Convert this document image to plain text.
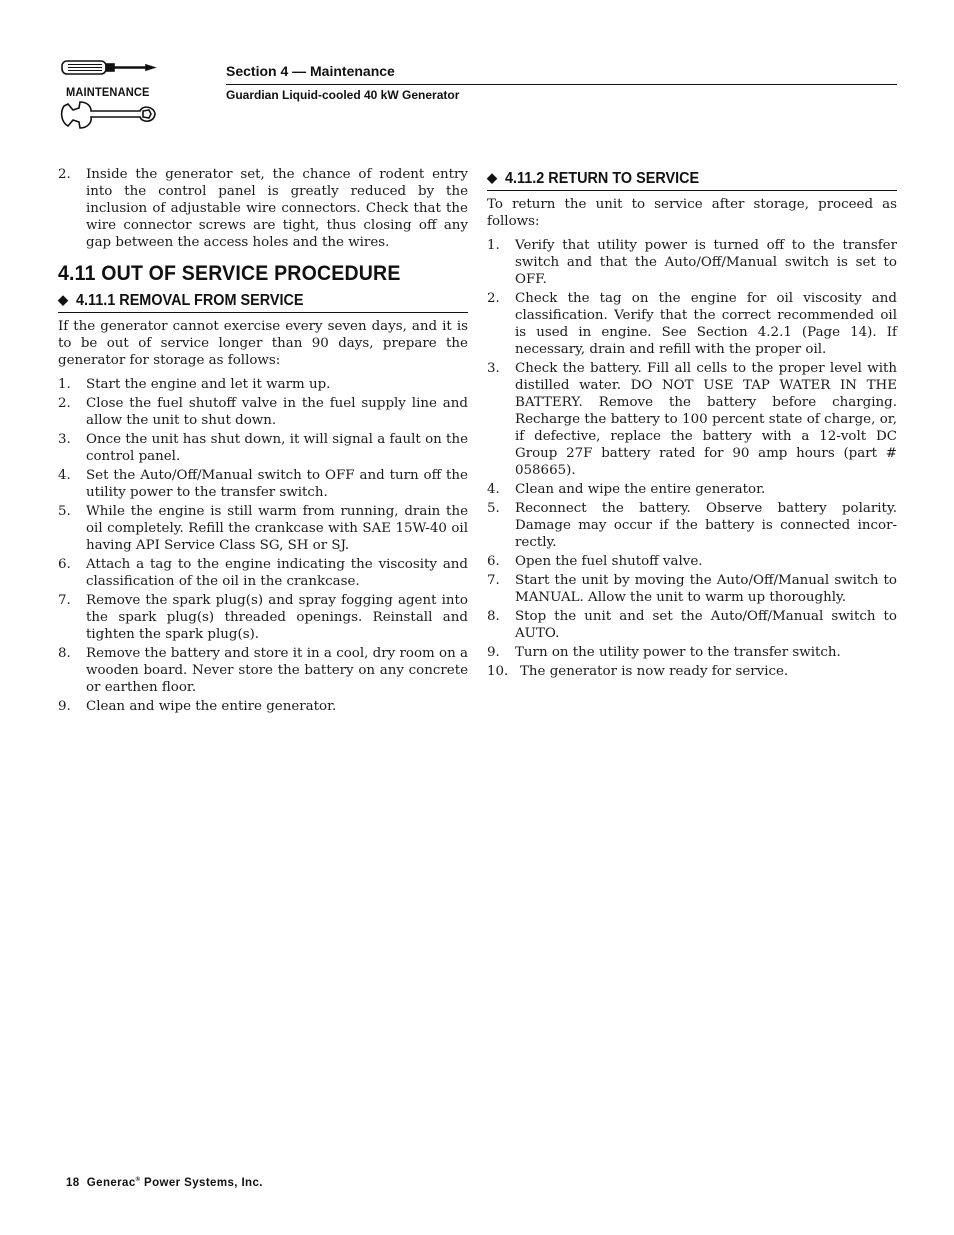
MAINTENANCE
Section 4 — Maintenance
Guardian Liquid-cooled 40 kW Generator
2. Inside the generator set, the chance of rodent entry into the control panel is greatly reduced by the inclusion of adjustable wire connectors. Check that the wire connector screws are tight, thus closing off any gap between the access holes and the wires.
4.11 OUT OF SERVICE PROCEDURE
◆ 4.11.1 REMOVAL FROM SERVICE

If the generator cannot exercise every seven days, and it is to be out of service longer than 90 days, prepare the generator for storage as follows:

1. Start the engine and let it warm up.
2. Close the fuel shutoff valve in the fuel supply line and allow the unit to shut down.
3. Once the unit has shut down, it will signal a fault on the control panel.
4. Set the Auto/Off/Manual switch to OFF and turn off the utility power to the transfer switch.
5. While the engine is still warm from running, drain the oil completely. Refill the crankcase with SAE 15W-40 oil having API Service Class SG, SH or SJ.
6. Attach a tag to the engine indicating the viscosity and classification of the oil in the crankcase.
7. Remove the spark plug(s) and spray fogging agent into the spark plug(s) threaded openings. Reinstall and tighten the spark plug(s).
8. Remove the battery and store it in a cool, dry room on a wooden board. Never store the battery on any concrete or earthen floor.
9. Clean and wipe the entire generator.
◆ 4.11.2 RETURN TO SERVICE

To return the unit to service after storage, proceed as follows:

1. Verify that utility power is turned off to the transfer switch and that the Auto/Off/Manual switch is set to OFF.
2. Check the tag on the engine for oil viscosity and classification. Verify that the correct recommended oil is used in engine. See Section 4.2.1 (Page 14). If necessary, drain and refill with the proper oil.
3. Check the battery. Fill all cells to the proper level with distilled water. DO NOT USE TAP WATER IN THE BATTERY. Remove the battery before charging. Recharge the battery to 100 percent state of charge, or, if defective, replace the battery with a 12-volt DC Group 27F battery rated for 90 amp hours (part # 058665).
4. Clean and wipe the entire generator.
5. Reconnect the battery. Observe battery polarity. Damage may occur if the battery is connected incor-rectly.
6. Open the fuel shutoff valve.
7. Start the unit by moving the Auto/Off/Manual switch to MANUAL. Allow the unit to warm up thoroughly.
8. Stop the unit and set the Auto/Off/Manual switch to AUTO.
9. Turn on the utility power to the transfer switch.
10. The generator is now ready for service.
18 Generac® Power Systems, Inc.
